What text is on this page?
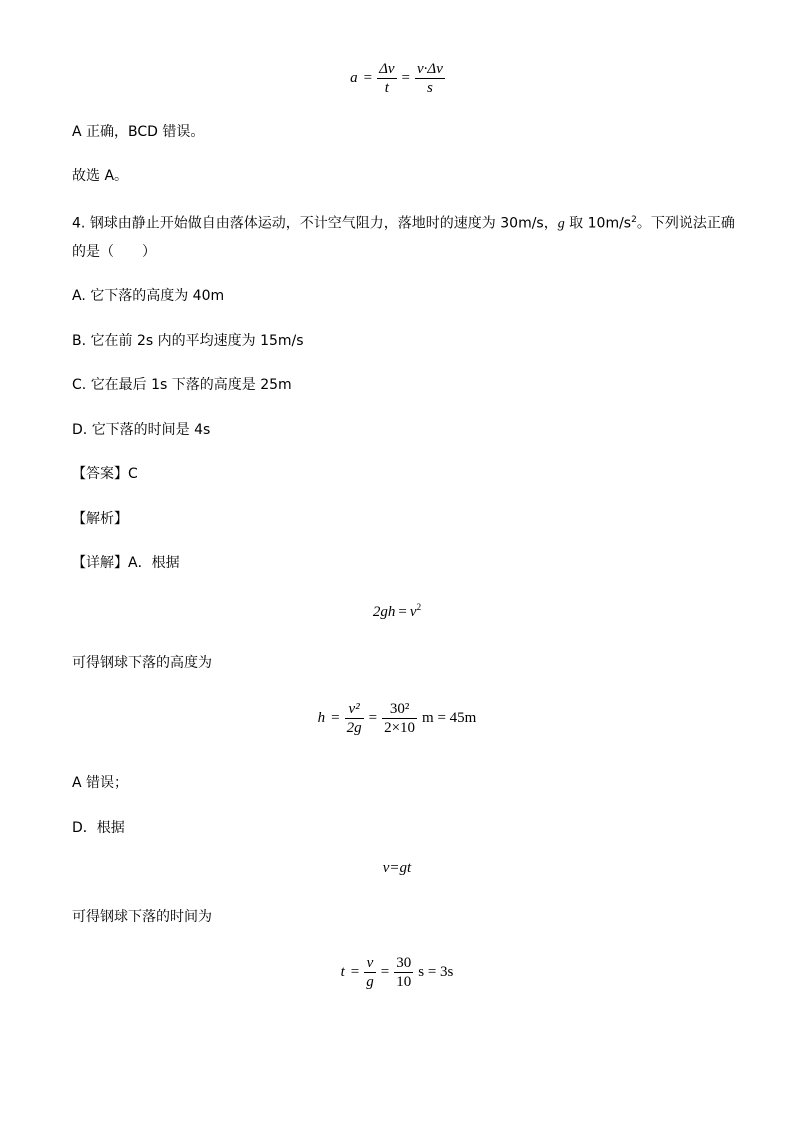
$a = \frac{\Delta v}{t} = \frac{v\cdot\Delta v}{s}$
A 正确，BCD 错误。
故选 A。
4. 钢球由静止开始做自由落体运动，不计空气阻力，落地时的速度为 30m/s，g 取 $10m/s^2$。下列说法正确
的是（　　）
A. 它下落的高度为 40m
B. 它在前 2s 内的平均速度为 15m/s
C. 它在最后 1s 下落的高度是 25m
D. 它下落的时间是 4s
【答案】C
【解析】
【详解】A．根据
$2gh = v^2$
可得钢球下落的高度为
$h = \frac{\text{v²}}{2g} = \frac{\text{30²}}{2\times 10}$ m = 45m
A 错误；
D．根据
v=gt
可得钢球下落的时间为
$t = \frac{v}{g} = \frac{30}{10}$ s = 3s
